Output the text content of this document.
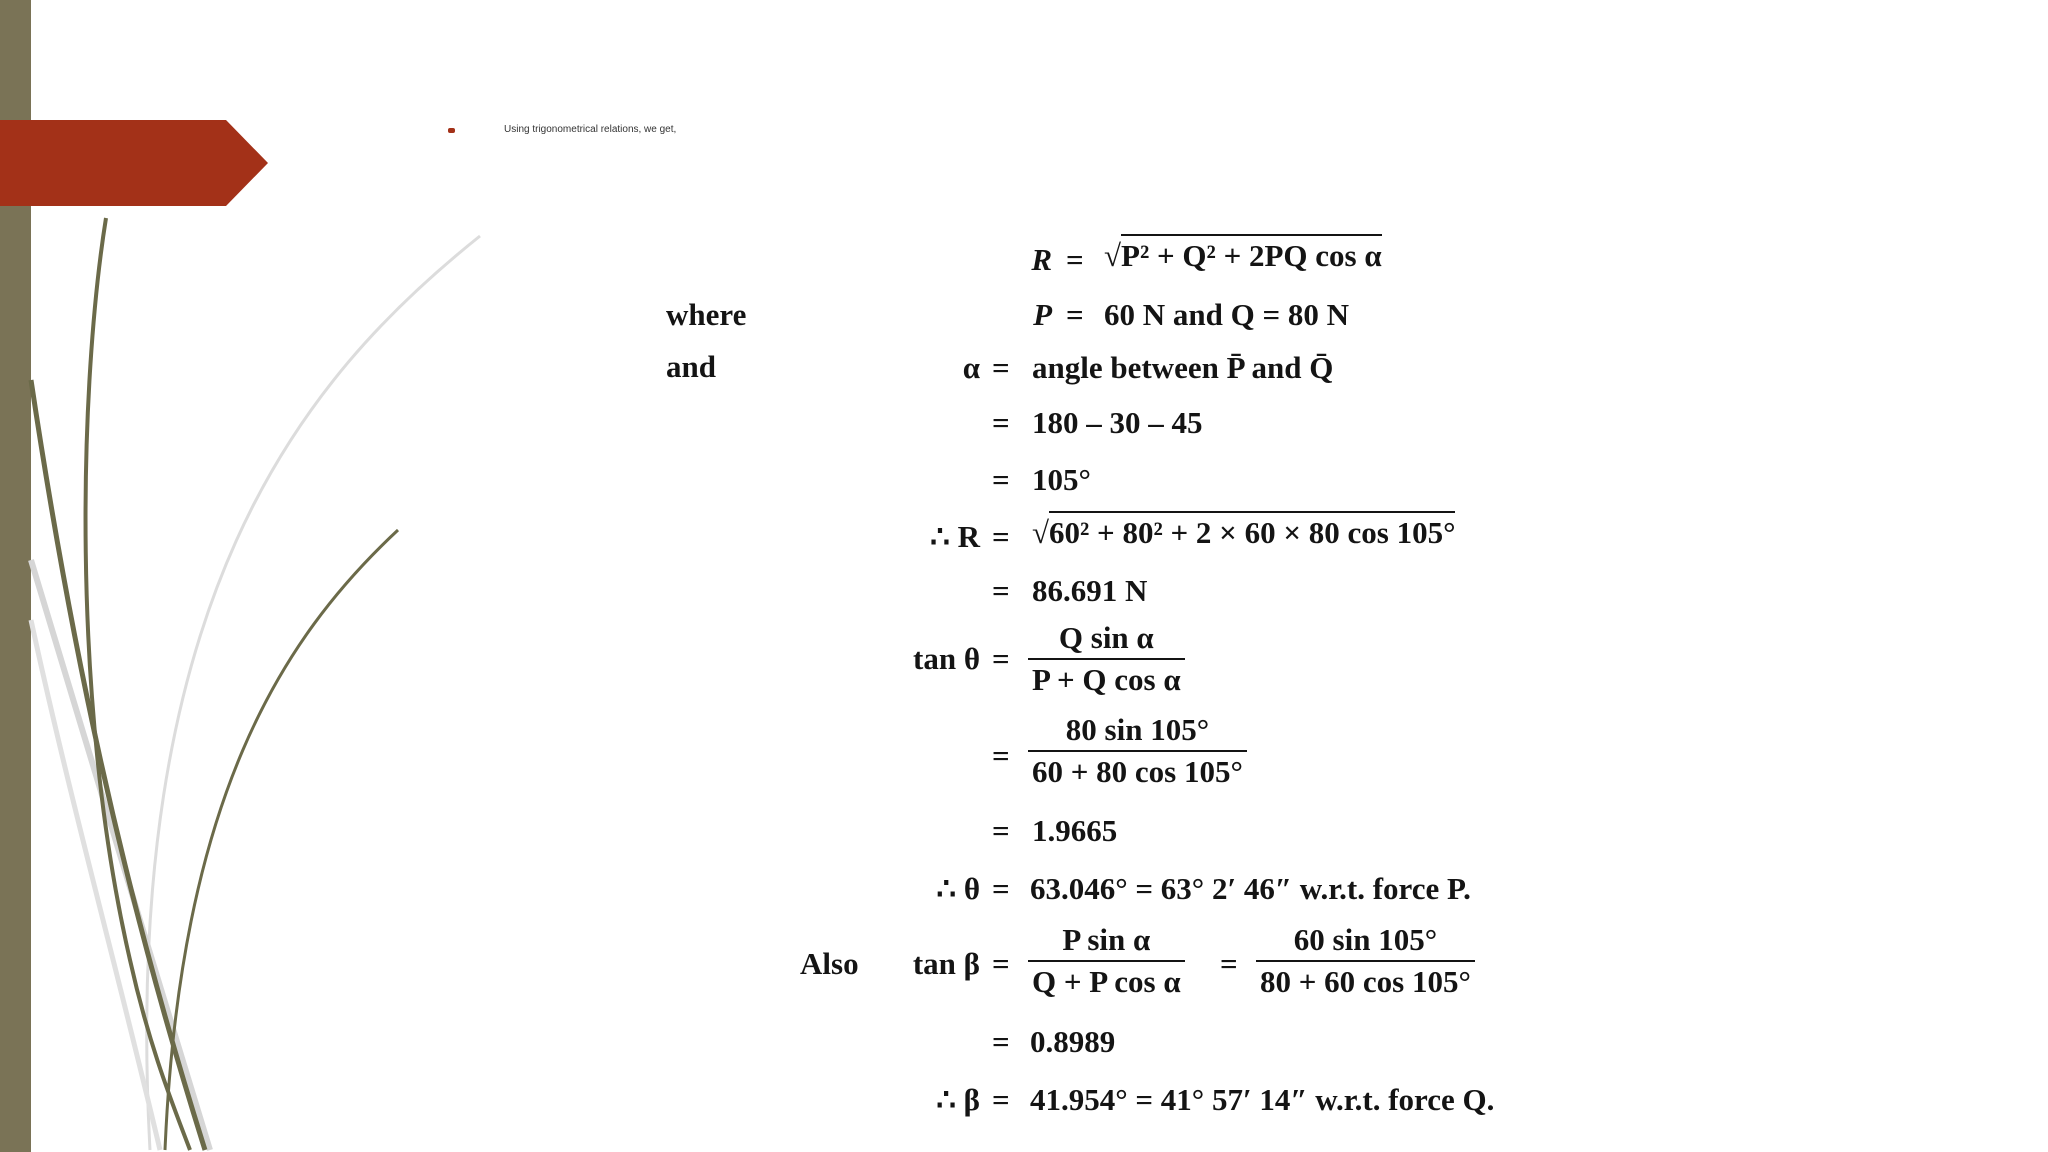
Using trigonometrical relations, we get,
where
and
Also
R = √P² + Q² + 2PQ cos α
P = 60 N and Q = 80 N
α = angle between P̄ and Q̄
= 180 – 30 – 45
= 105°
∴ R = √60² + 80² + 2 × 60 × 80 cos 105°
= 86.691 N
$\tan \theta = \frac{\text{Q sin α}}{\text{P + Q cos α}}$
= $\frac{80 \sin 105^\circ}{60 + 80 \cos 105^\circ}$
= 1.9665
∴ θ = 63.046° = 63° 2′ 46″ w.r.t. force P.
$\tan \beta = \frac{\text{P sin α}}{\text{Q + P cos α}} = \frac{60 \sin 105^\circ}{80 + 60 \cos 105^\circ}$
= 0.8989
∴ β = 41.954° = 41° 57′ 14″ w.r.t. force Q.
